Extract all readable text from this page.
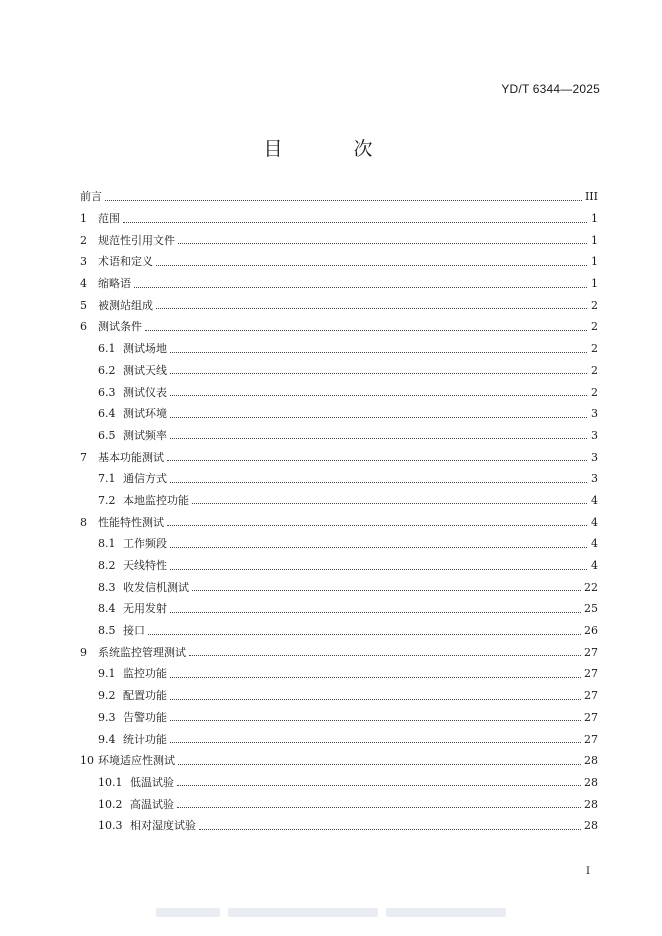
YD/T 6344—2025
目　次
前言	III
1	范围	1
2	规范性引用文件	1
3	术语和定义	1
4	缩略语	1
5	被测站组成	2
6	测试条件	2
6.1 测试场地	2
6.2 测试天线	2
6.3 测试仪表	2
6.4 测试环境	3
6.5 测试频率	3
7	基本功能测试	3
7.1 通信方式	3
7.2 本地监控功能	4
8	性能特性测试	4
8.1 工作频段	4
8.2 天线特性	4
8.3 收发信机测试	22
8.4 无用发射	25
8.5 接口	26
9	系统监控管理测试	27
9.1 监控功能	27
9.2 配置功能	27
9.3 告警功能	27
9.4 统计功能	27
10 环境适应性测试	28
10.1 低温试验	28
10.2 高温试验	28
10.3 相对湿度试验	28
I
